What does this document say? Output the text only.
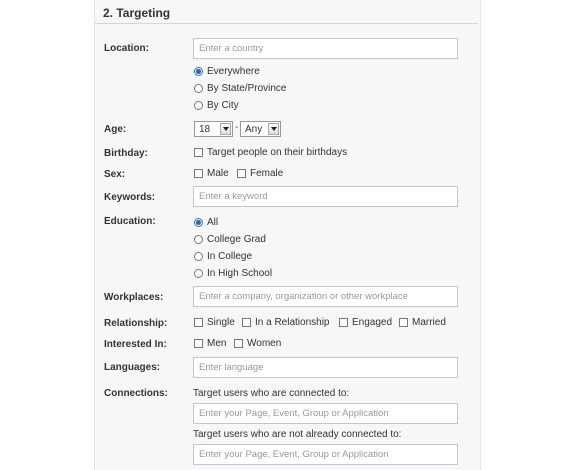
2. Targeting
Location:
Enter a country
Everywhere
By State/Province
By City
Age:	18	- Any
Birthday:	Target people on their birthdays
Sex:	Male Female
Keywords:
Enter a keyword
Education:	All
College Grad
In College
In High School
Workplaces:
Enter a company, organization or other workplace
Relationship:	Single In a Relationship Engaged Married
Interested In:	Men Women
Languages:
Enter language
Connections:	Target users who are connected to:
Enter your Page, Event, Group or Application
Target users who are not already connected to:
Enter your Page, Event, Group or Application
